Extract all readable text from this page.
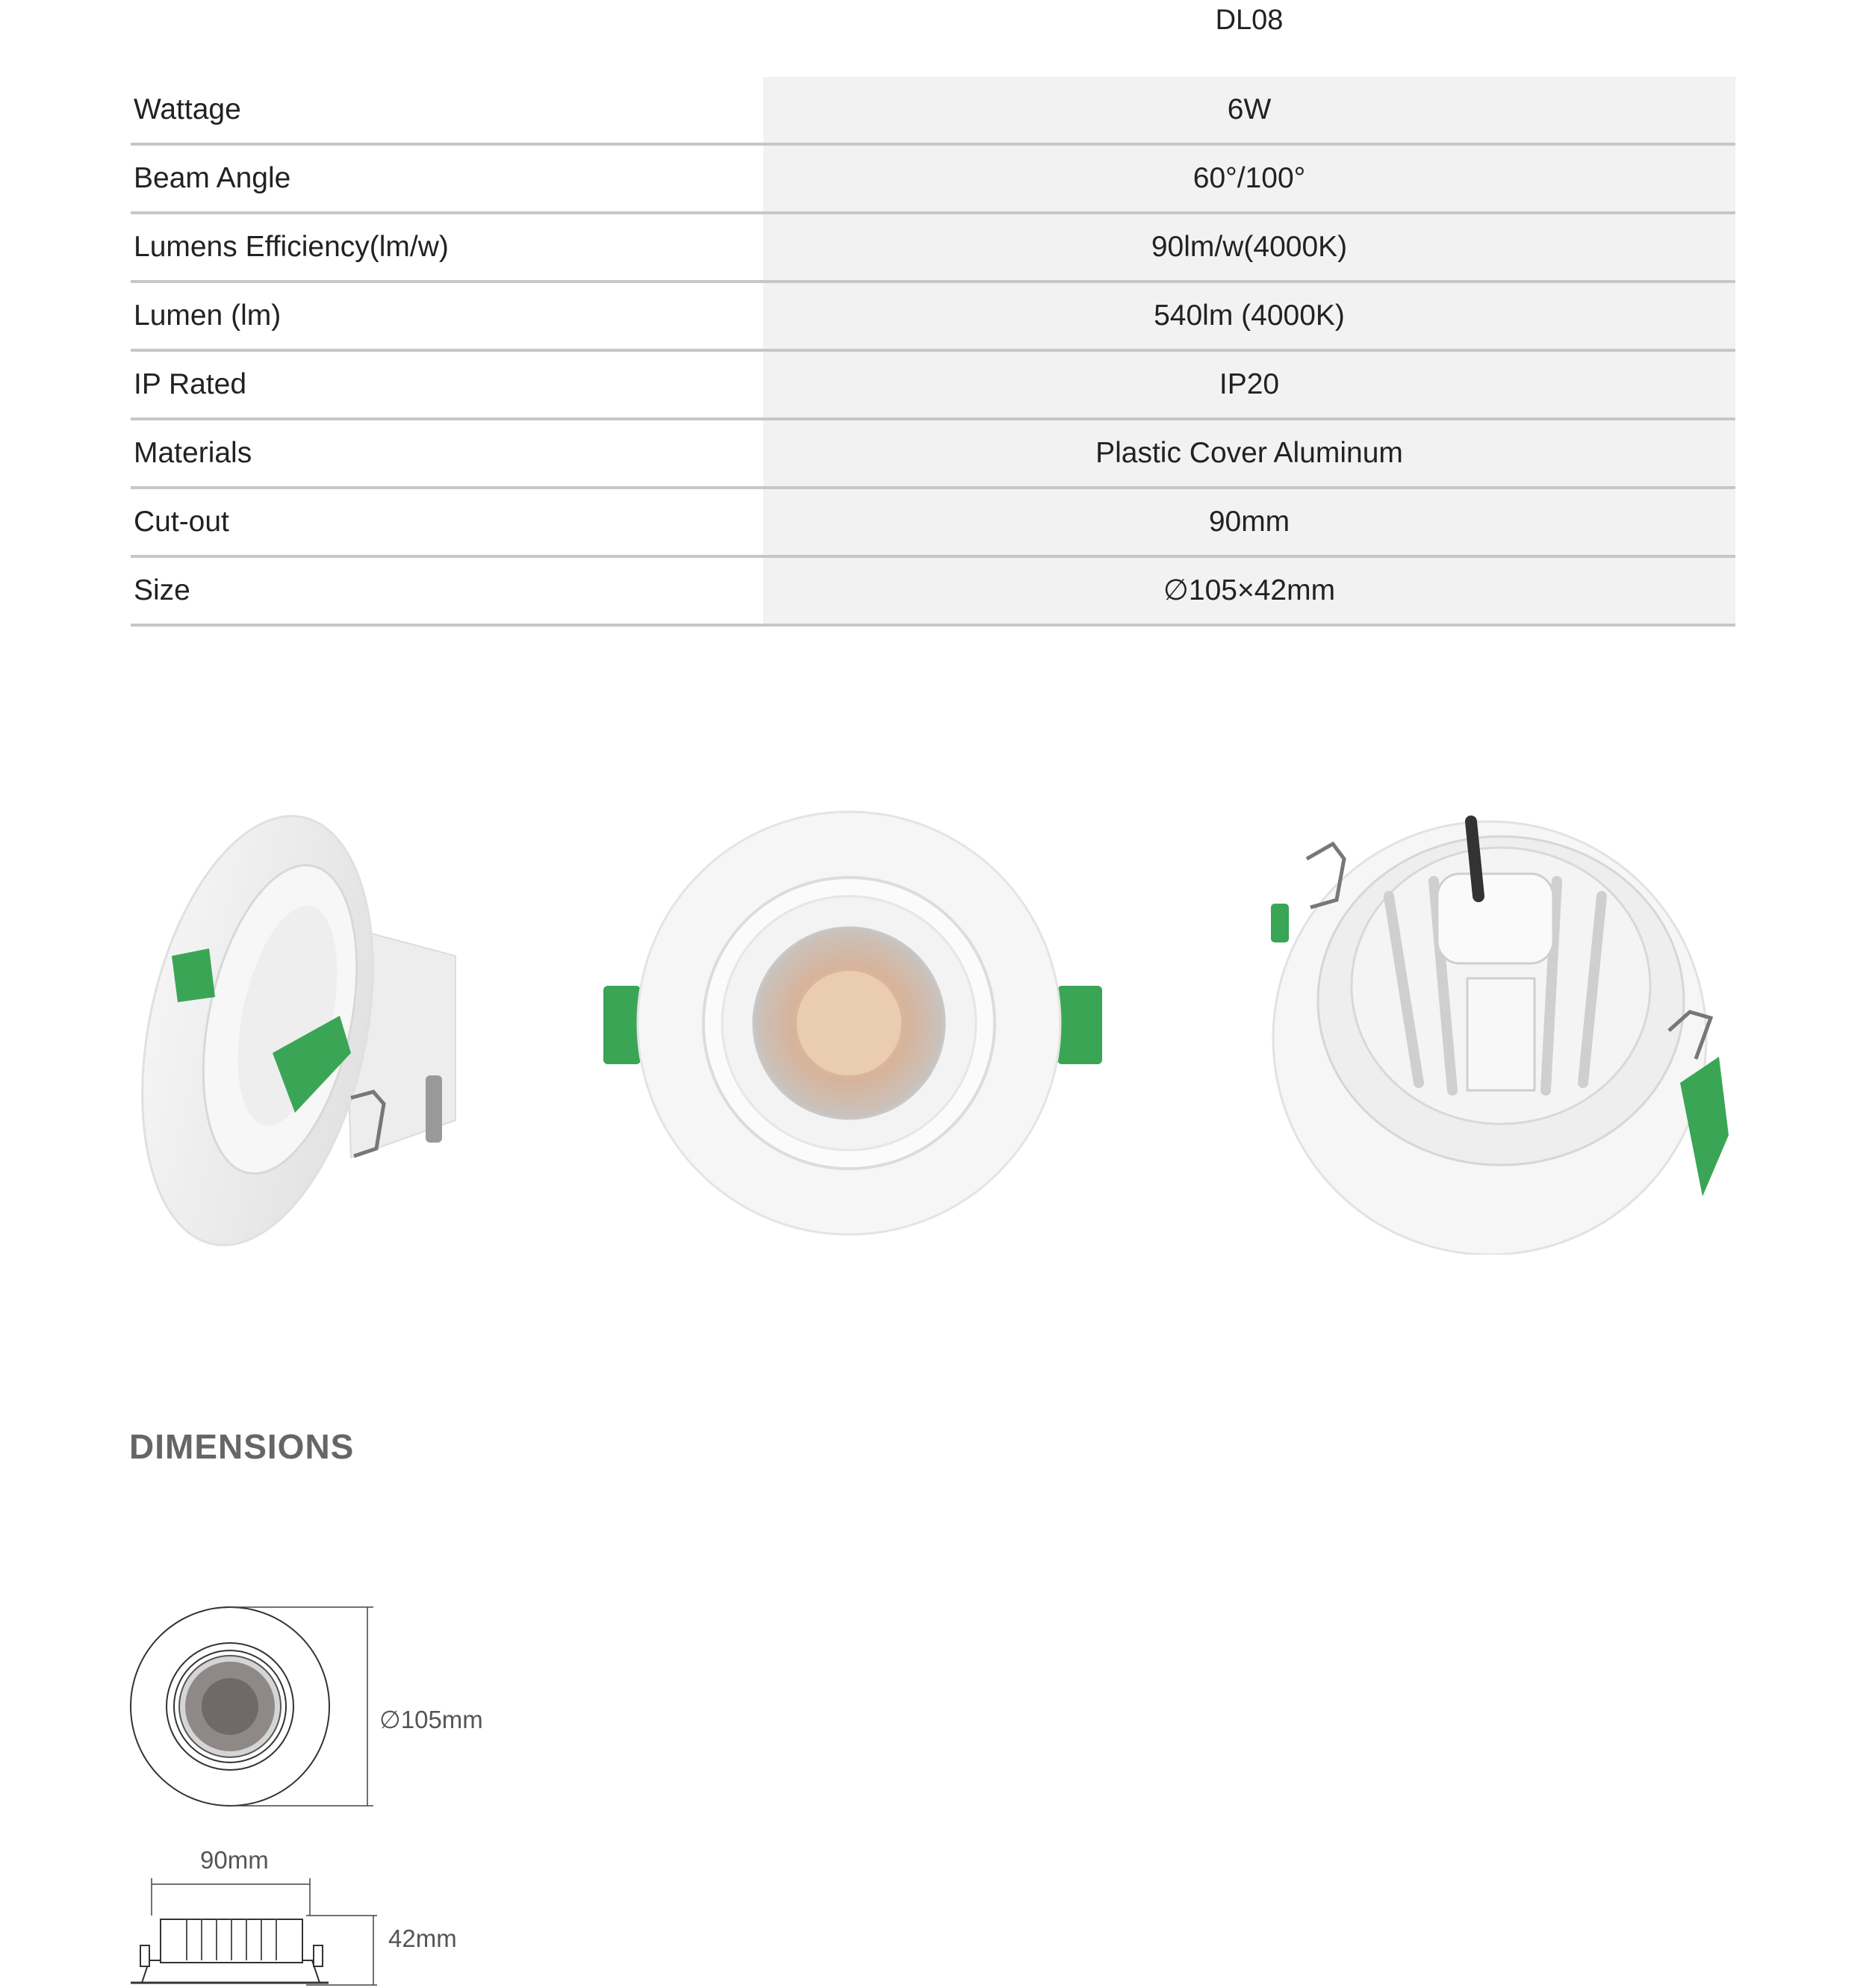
DL08
Wattage	6W
Beam Angle	60°/100°
Lumens Efficiency(lm/w)	90lm/w(4000K)
Lumen (lm)	540lm (4000K)
IP Rated	IP20
Materials	Plastic Cover Aluminum
Cut-out	90mm
Size	∅105×42mm
DIMENSIONS
∅105mm
90mm
42mm
